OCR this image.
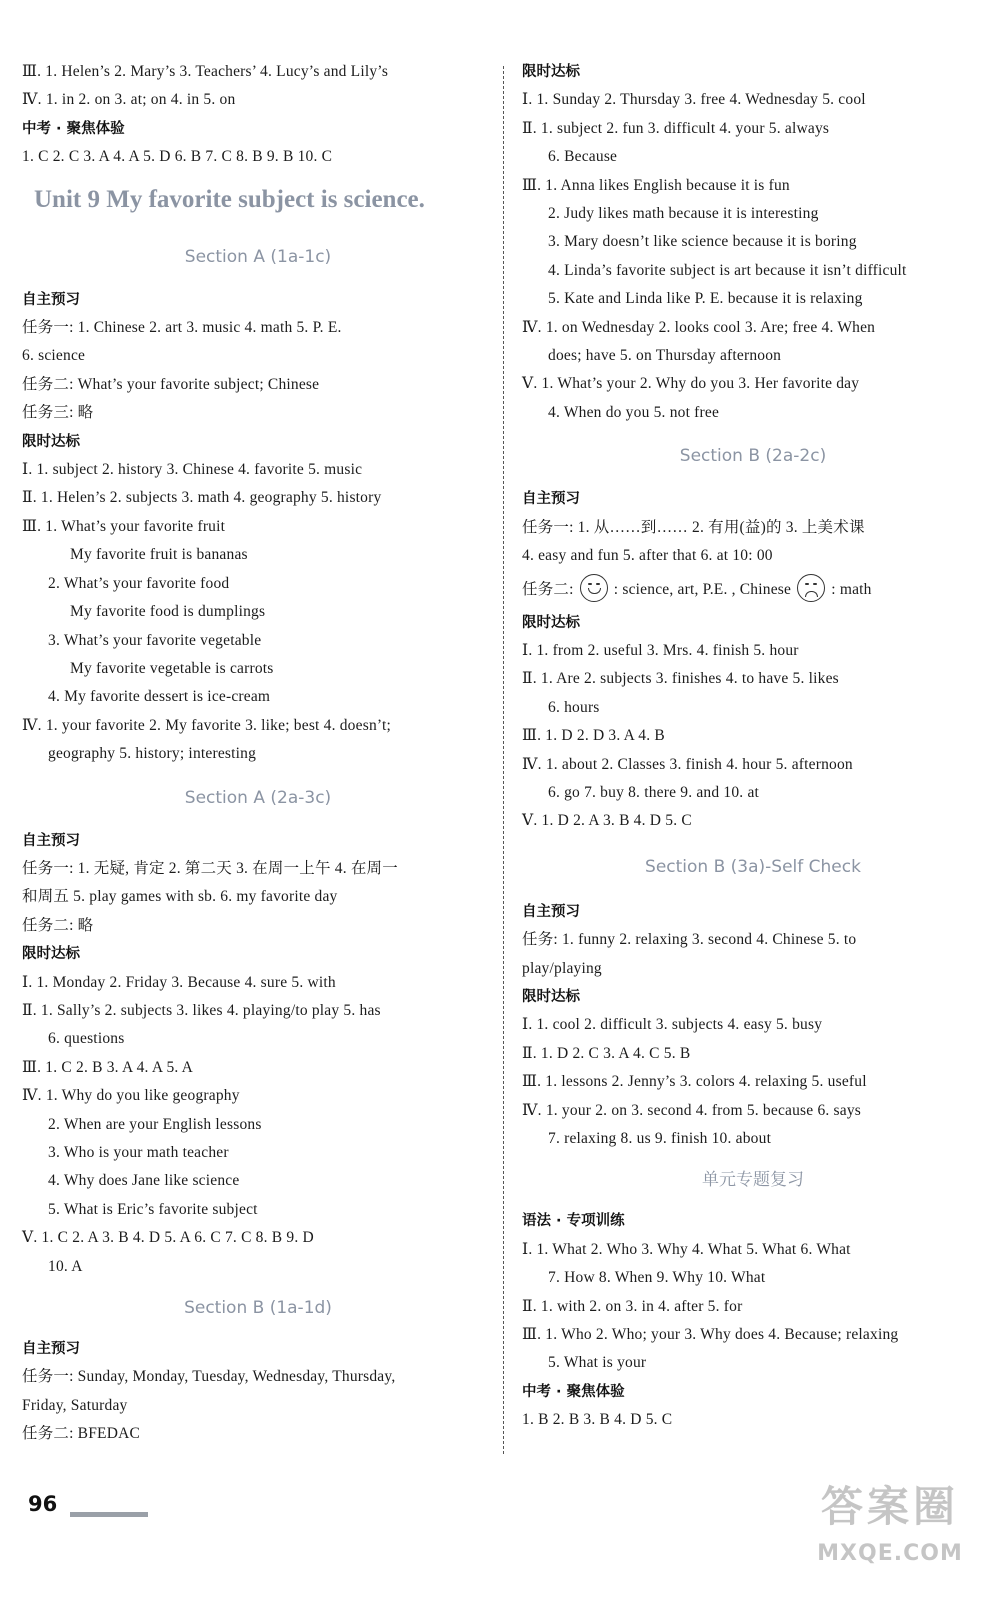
Ⅲ. 1. Helen’s 2. Mary’s 3. Teachers’ 4. Lucy’s and Lily’s
Ⅳ. 1. in 2. on 3. at; on 4. in 5. on
中考 · 聚焦体验
1. C 2. C 3. A 4. A 5. D 6. B 7. C 8. B 9. B 10. C
Unit 9 My favorite subject is science.
Section A (1a-1c)
自主预习
任务一: 1. Chinese 2. art 3. music 4. math 5. P. E.
6. science
任务二: What’s your favorite subject; Chinese
任务三: 略
限时达标
Ⅰ. 1. subject 2. history 3. Chinese 4. favorite 5. music
Ⅱ. 1. Helen’s 2. subjects 3. math 4. geography 5. history
Ⅲ. 1. What’s your favorite fruit
My favorite fruit is bananas
2. What’s your favorite food
My favorite food is dumplings
3. What’s your favorite vegetable
My favorite vegetable is carrots
4. My favorite dessert is ice-cream
Ⅳ. 1. your favorite 2. My favorite 3. like; best 4. doesn’t;
geography 5. history; interesting
Section A (2a-3c)
自主预习
任务一: 1. 无疑, 肯定 2. 第二天 3. 在周一上午 4. 在周一
和周五 5. play games with sb. 6. my favorite day
任务二: 略
限时达标
Ⅰ. 1. Monday 2. Friday 3. Because 4. sure 5. with
Ⅱ. 1. Sally’s 2. subjects 3. likes 4. playing/to play 5. has
6. questions
Ⅲ. 1. C 2. B 3. A 4. A 5. A
Ⅳ. 1. Why do you like geography
2. When are your English lessons
3. Who is your math teacher
4. Why does Jane like science
5. What is Eric’s favorite subject
Ⅴ. 1. C 2. A 3. B 4. D 5. A 6. C 7. C 8. B 9. D
10. A
Section B (1a-1d)
自主预习
任务一: Sunday, Monday, Tuesday, Wednesday, Thursday,
Friday, Saturday
任务二: BFEDAC
限时达标
Ⅰ. 1. Sunday 2. Thursday 3. free 4. Wednesday 5. cool
Ⅱ. 1. subject 2. fun 3. difficult 4. your 5. always
6. Because
Ⅲ. 1. Anna likes English because it is fun
2. Judy likes math because it is interesting
3. Mary doesn’t like science because it is boring
4. Linda’s favorite subject is art because it isn’t difficult
5. Kate and Linda like P. E. because it is relaxing
Ⅳ. 1. on Wednesday 2. looks cool 3. Are; free 4. When
does; have 5. on Thursday afternoon
Ⅴ. 1. What’s your 2. Why do you 3. Her favorite day
4. When do you 5. not free
Section B (2a-2c)
自主预习
任务一: 1. 从……到…… 2. 有用(益)的 3. 上美术课
4. easy and fun 5. after that 6. at 10: 00
任务二:	: science, art, P.E. , Chinese	: math
限时达标
Ⅰ. 1. from 2. useful 3. Mrs. 4. finish 5. hour
Ⅱ. 1. Are 2. subjects 3. finishes 4. to have 5. likes
6. hours
Ⅲ. 1. D 2. D 3. A 4. B
Ⅳ. 1. about 2. Classes 3. finish 4. hour 5. afternoon
6. go 7. buy 8. there 9. and 10. at
Ⅴ. 1. D 2. A 3. B 4. D 5. C
Section B (3a)-Self Check
自主预习
任务: 1. funny 2. relaxing 3. second 4. Chinese 5. to
play/playing
限时达标
Ⅰ. 1. cool 2. difficult 3. subjects 4. easy 5. busy
Ⅱ. 1. D 2. C 3. A 4. C 5. B
Ⅲ. 1. lessons 2. Jenny’s 3. colors 4. relaxing 5. useful
Ⅳ. 1. your 2. on 3. second 4. from 5. because 6. says
7. relaxing 8. us 9. finish 10. about
单元专题复习
语法 · 专项训练
Ⅰ. 1. What 2. Who 3. Why 4. What 5. What 6. What
7. How 8. When 9. Why 10. What
Ⅱ. 1. with 2. on 3. in 4. after 5. for
Ⅲ. 1. Who 2. Who; your 3. Why does 4. Because; relaxing
5. What is your
中考 · 聚焦体验
1. B 2. B 3. B 4. D 5. C
96	答案圈
MXQE.COM
